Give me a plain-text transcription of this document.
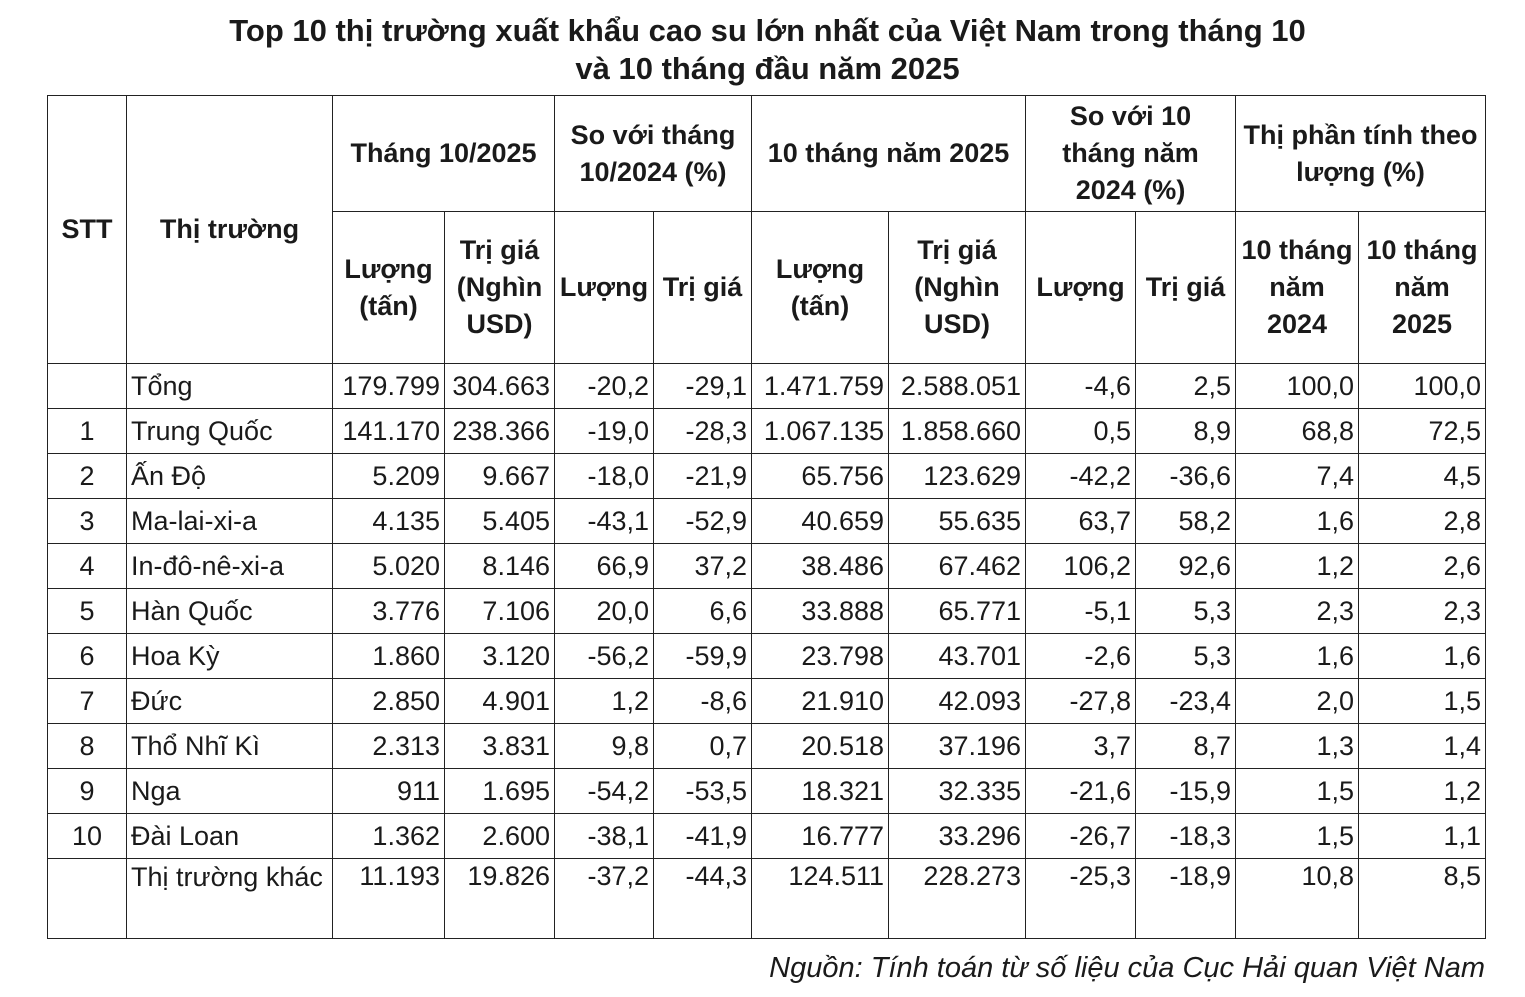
Top 10 thị trường xuất khẩu cao su lớn nhất của Việt Nam trong tháng 10
và 10 tháng đầu năm 2025
STT	Thị trường	Tháng 10/2025		So với tháng 10/2024 (%)		10 tháng năm 2025		So với 10 tháng năm 2024 (%)		Thị phần tính theo lượng (%)	
		Lượng (tấn)	Trị giá (Nghìn USD)	Lượng	Trị giá	Lượng (tấn)	Trị giá (Nghìn USD)	Lượng	Trị giá	10 tháng năm 2024	10 tháng năm 2025
	Tổng	179.799	304.663	-20,2	-29,1	1.471.759	2.588.051	-4,6	2,5	100,0	100,0
1	Trung Quốc	141.170	238.366	-19,0	-28,3	1.067.135	1.858.660	0,5	8,9	68,8	72,5
2	Ấn Độ	5.209	9.667	-18,0	-21,9	65.756	123.629	-42,2	-36,6	7,4	4,5
3	Ma-lai-xi-a	4.135	5.405	-43,1	-52,9	40.659	55.635	63,7	58,2	1,6	2,8
4	In-đô-nê-xi-a	5.020	8.146	66,9	37,2	38.486	67.462	106,2	92,6	1,2	2,6
5	Hàn Quốc	3.776	7.106	20,0	6,6	33.888	65.771	-5,1	5,3	2,3	2,3
6	Hoa Kỳ	1.860	3.120	-56,2	-59,9	23.798	43.701	-2,6	5,3	1,6	1,6
7	Đức	2.850	4.901	1,2	-8,6	21.910	42.093	-27,8	-23,4	2,0	1,5
8	Thổ Nhĩ Kì	2.313	3.831	9,8	0,7	20.518	37.196	3,7	8,7	1,3	1,4
9	Nga	911	1.695	-54,2	-53,5	18.321	32.335	-21,6	-15,9	1,5	1,2
10	Đài Loan	1.362	2.600	-38,1	-41,9	16.777	33.296	-26,7	-18,3	1,5	1,1
	Thị trường khác	11.193	19.826	-37,2	-44,3	124.511	228.273	-25,3	-18,9	10,8	8,5
Nguồn: Tính toán từ số liệu của Cục Hải quan Việt Nam
